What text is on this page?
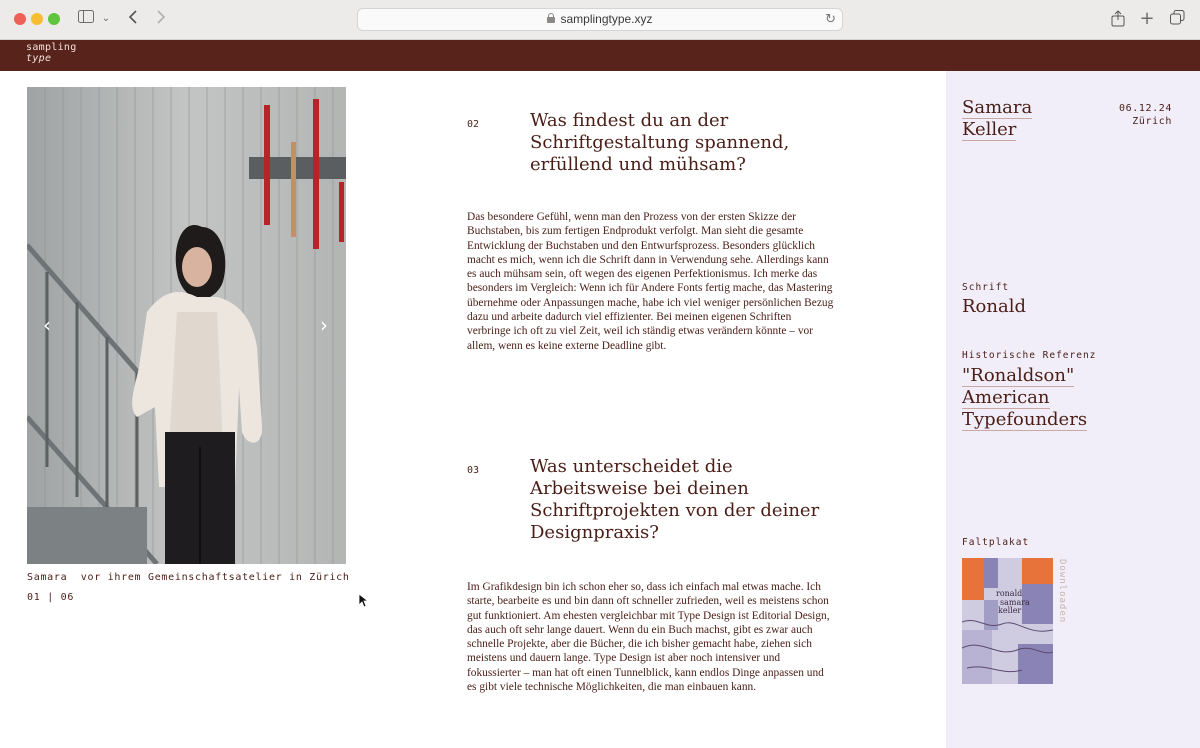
⌄	samplingtype.xyz	↻	+
sampling
type
‹	›
Samara vor ihrem Gemeinschaftsatelier in Zürich
01 | 06
02	Was findest du an der Schriftgestaltung spannend, erfüllend und mühsam?

Das besondere Gefühl, wenn man den Prozess von der ersten Skizze der Buchstaben, bis zum fertigen Endprodukt verfolgt. Man sieht die gesamte Entwicklung der Buchstaben und den Entwurfsprozess. Besonders glücklich macht es mich, wenn ich die Schrift dann in Verwendung sehe. Allerdings kann es auch mühsam sein, oft wegen des eigenen Perfektionismus. Ich merke das besonders im Vergleich: Wenn ich für Andere Fonts fertig mache, das Mastering übernehme oder Anpassungen mache, habe ich viel weniger persönlichen Bezug dazu und arbeite dadurch viel effizienter. Bei meinen eigenen Schriften verbringe ich oft zu viel Zeit, weil ich ständig etwas verändern könnte – vor allem, wenn es keine externe Deadline gibt.

03	Was unterscheidet die Arbeitsweise bei deinen Schriftprojekten von der deiner Designpraxis?

Im Grafikdesign bin ich schon eher so, dass ich einfach mal etwas mache. Ich starte, bearbeite es und bin dann oft schneller zufrieden, weil es meistens schon gut funktioniert. Am ehesten vergleichbar mit Type Design ist Editorial Design, das auch oft sehr lange dauert. Wenn du ein Buch machst, gibt es zwar auch schnelle Projekte, aber die Bücher, die ich bisher gemacht habe, ziehen sich meistens und dauern lange. Type Design ist aber noch intensiver und fokussierter – man hat oft einen Tunnelblick, kann endlos Dinge anpassen und es gibt viele technische Möglichkeiten, die man einbauen kann.

Samara
Keller
06.12.24
Zürich
Schrift
Ronald
Historische Referenz
"Ronaldson"
American
Typefounders
Faltplakat
ronald
samara
keller	Downloaden
